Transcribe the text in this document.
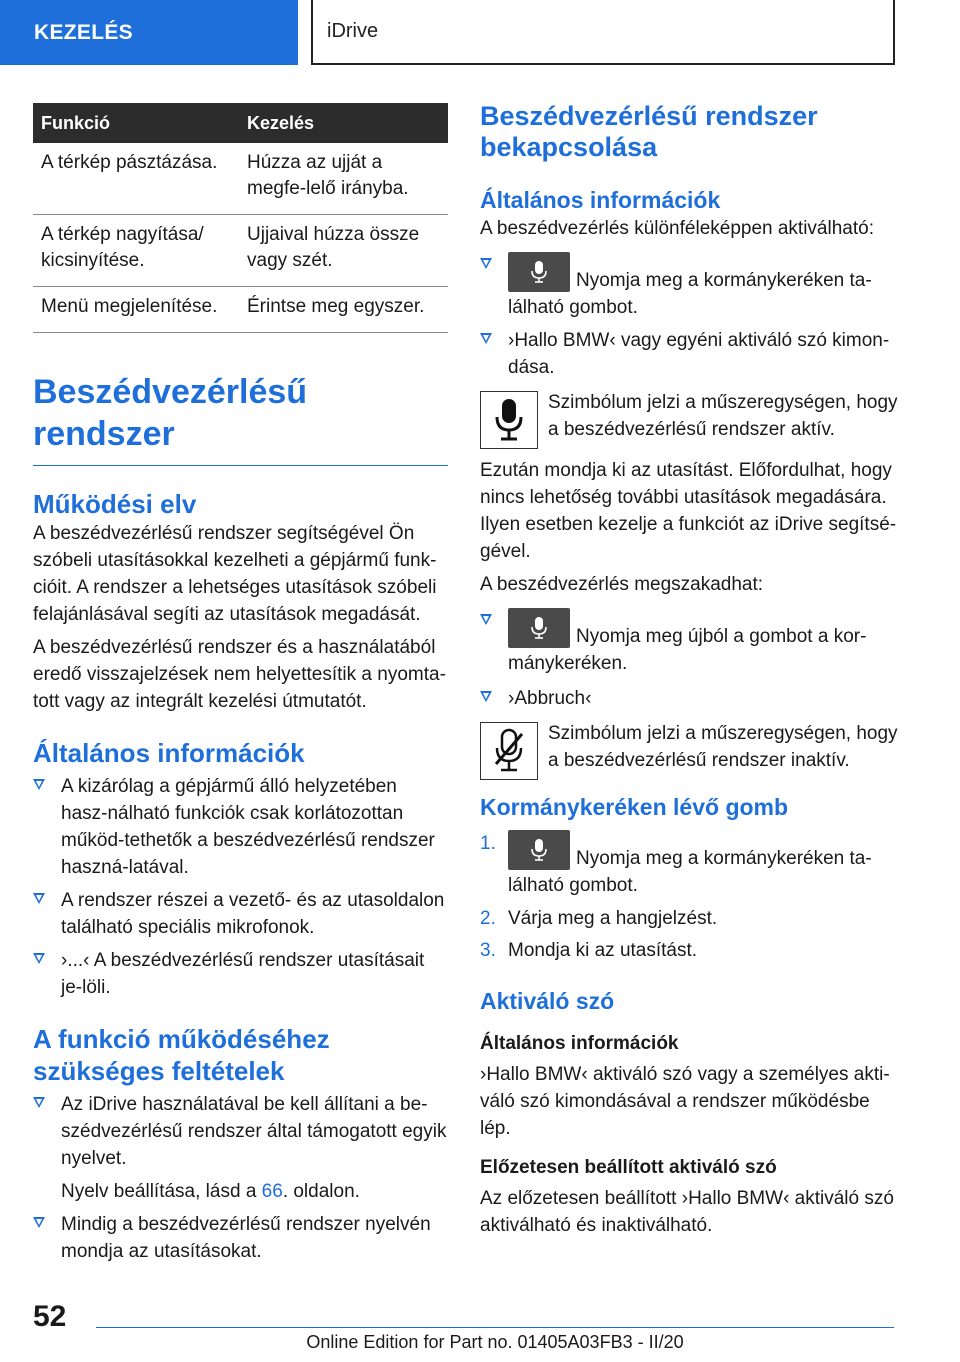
KEZELÉS	iDrive
Funkció	Kezelés
A térkép pásztázása.	Húzza az ujját a megfe-lelő irányba.
A térkép nagyítása/ kicsinyítése.	Ujjaival húzza össze vagy szét.
Menü megjelenítése.	Érintse meg egyszer.
Beszédvezérlésű rendszer
Működési elv

A beszédvezérlésű rendszer segítségével Ön szóbeli utasításokkal kezelheti a gépjármű funk-cióit. A rendszer a lehetséges utasítások szóbeli felajánlásával segíti az utasítások megadását.

A beszédvezérlésű rendszer és a használatából eredő visszajelzések nem helyettesítik a nyomta-tott vagy az integrált kezelési útmutatót.

Általános információk
A kizárólag a gépjármű álló helyzetében hasz-nálható funkciók csak korlátozottan működ-tethetők a beszédvezérlésű rendszer haszná-latával.
A rendszer részei a vezető- és az utasoldalon található speciális mikrofonok.
›...‹ A beszédvezérlésű rendszer utasításait je-löli.
A funkció működéséhez szükséges feltételek
Az iDrive használatával be kell állítani a be-szédvezérlésű rendszer által támogatott egyik nyelvet.

Nyelv beállítása, lásd a 66. oldalon.

Mindig a beszédvezérlésű rendszer nyelvén mondja az utasításokat.
Beszédvezérlésű rendszer bekapcsolása
Általános információk

A beszédvezérlés különféleképpen aktiválható:

Nyomja meg a kormánykeréken ta-lálható gombot.
›Hallo BMW‹ vagy egyéni aktiváló szó kimon-dása.

Szimbólum jelzi a műszeregységen, hogy a beszédvezérlésű rendszer aktív.

Ezután mondja ki az utasítást. Előfordulhat, hogy nincs lehetőség további utasítások megadására. Ilyen esetben kezelje a funkciót az iDrive segítsé-gével.

A beszédvezérlés megszakadhat:

Nyomja meg újból a gombot a kor-mánykeréken.
›Abbruch‹

Szimbólum jelzi a műszeregységen, hogy a beszédvezérlésű rendszer inaktív.

Kormánykeréken lévő gomb
1.
Nyomja meg a kormánykeréken ta-lálható gombot.
2. Várja meg a hangjelzést.
3. Mondja ki az utasítást.
Aktiváló szó
Általános információk

›Hallo BMW‹ aktiváló szó vagy a személyes akti-váló szó kimondásával a rendszer működésbe lép.

Előzetesen beállított aktiváló szó

Az előzetesen beállított ›Hallo BMW‹ aktiváló szó aktiválható és inaktiválható.

52
Online Edition for Part no. 01405A03FB3 - II/20
